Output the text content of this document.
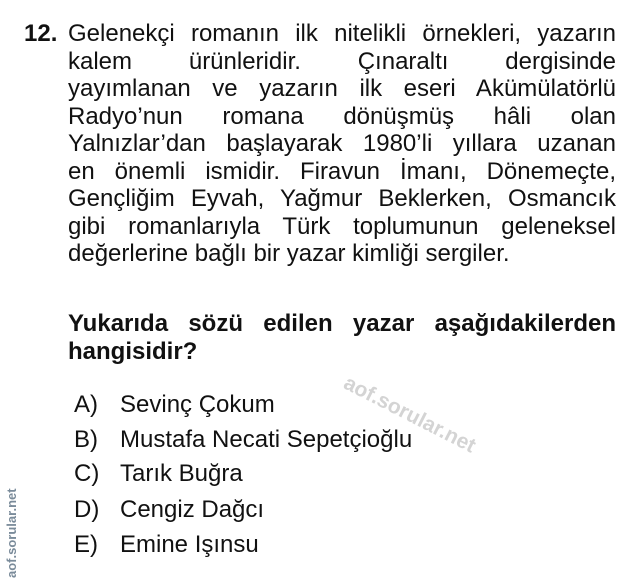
12. Gelenekçi romanın ilk nitelikli örnekleri, yazarın
kalem ürünleridir. Çınaraltı dergisinde
yayımlanan ve yazarın ilk eseri Akümülatörlü
Radyo’nun romana dönüşmüş hâli olan
Yalnızlar’dan başlayarak 1980’li yıllara uzanan
en önemli ismidir. Firavun İmanı, Dönemeçte,
Gençliğim Eyvah, Yağmur Beklerken, Osmancık
gibi romanlarıyla Türk toplumunun geleneksel
değerlerine bağlı bir yazar kimliği sergiler.
Yukarıda sözü edilen yazar aşağıdakilerden
hangisidir?
A) Sevinç Çokum
B) Mustafa Necati Sepetçioğlu
C) Tarık Buğra
D) Cengiz Dağcı
E) Emine Işınsu
aof.sorular.net
aof.sorular.net
